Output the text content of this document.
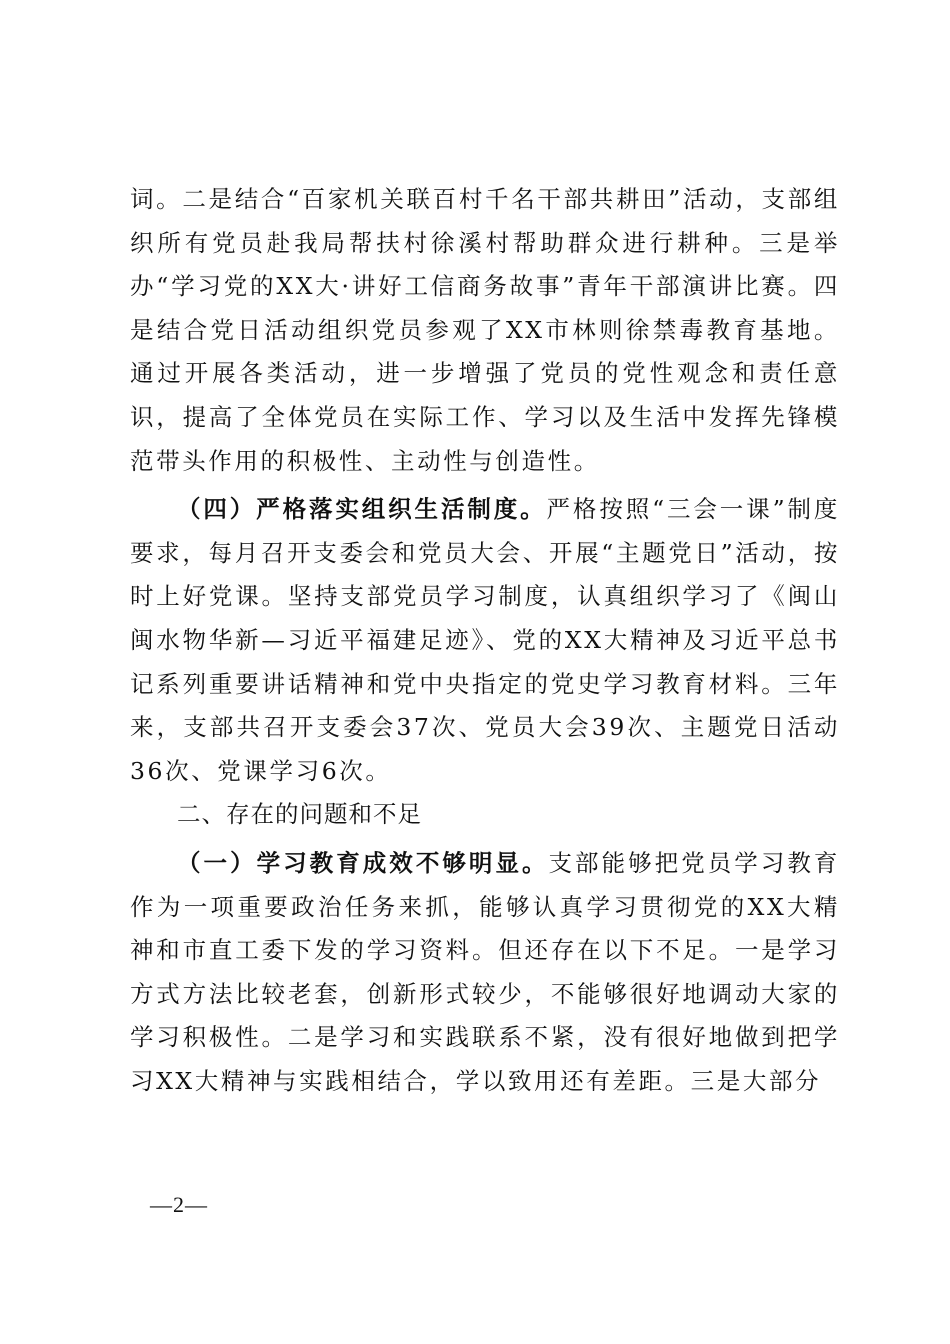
词。二是结合“百家机关联百村千名干部共耕田”活动，支部组织所有党员赴我局帮扶村徐溪村帮助群众进行耕种。三是举办“学习党的XX大·讲好工信商务故事”青年干部演讲比赛。四是结合党日活动组织党员参观了XX市林则徐禁毒教育基地。通过开展各类活动，进一步增强了党员的党性观念和责任意识，提高了全体党员在实际工作、学习以及生活中发挥先锋模范带头作用的积极性、主动性与创造性。

（四）严格落实组织生活制度。严格按照“三会一课”制度要求，每月召开支委会和党员大会、开展“主题党日”活动，按时上好党课。坚持支部党员学习制度，认真组织学习了《闽山闽水物华新—习近平福建足迹》、党的XX大精神及习近平总书记系列重要讲话精神和党中央指定的党史学习教育材料。三年来，支部共召开支委会37次、党员大会39次、主题党日活动36次、党课学习6次。

二、存在的问题和不足

（一）学习教育成效不够明显。支部能够把党员学习教育作为一项重要政治任务来抓，能够认真学习贯彻党的XX大精神和市直工委下发的学习资料。但还存在以下不足。一是学习方式方法比较老套，创新形式较少，不能够很好地调动大家的学习积极性。二是学习和实践联系不紧，没有很好地做到把学习XX大精神与实践相结合，学以致用还有差距。三是大部分

—2—
